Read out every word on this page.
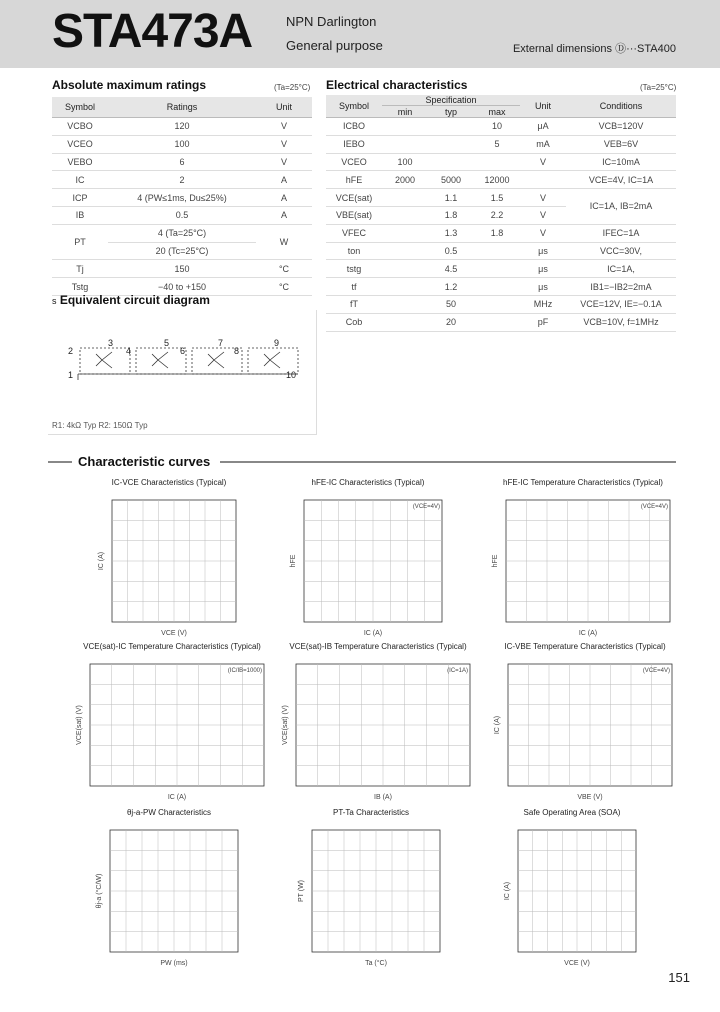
STA473A	NPN Darlington
General purpose	External dimensions Ⓓ···STA400
Absolute maximum ratings	(Ta=25°C)
Symbol	Ratings	Unit
VCBO	120	V
VCEO	100	V
VEBO	6	V
IC	2	A
ICP	4 (PW≤1ms, Du≤25%)	A
IB	0.5	A
PT	4 (Ta=25°C)	W
	20 (Tc=25°C)	
Tj	150	°C
Tstg	−40 to +150	°C
Electrical characteristics	(Ta=25°C)
Symbol	Specification			Unit	Conditions
	min	typ	max		
ICBO			10	μA	VCB=120V
IEBO			5	mA	VEB=6V
VCEO	100			V	IC=10mA
hFE	2000	5000	12000		VCE=4V, IC=1A
VCE(sat)		1.1	1.5	V	IC=1A, IB=2mA
VBE(sat)		1.8	2.2	V	
VFEC		1.3	1.8	V	IFEC=1A
ton		0.5		μs	VCC=30V,
tstg		4.5		μs	IC=1A,
tf		1.2		μs	IB1=−IB2=2mA
fT		50		MHz	VCE=12V, IE=−0.1A
Cob		20		pF	VCB=10V, f=1MHz
s Equivalent circuit diagram
2
3
4
5
6
7
8
9
1	10
R1: 4kΩ Typ R2: 150Ω Typ
Characteristic curves
IC-VCE Characteristics (Typical)
VCE (V)
IC (A)
hFE-IC Characteristics (Typical)
IC (A)
hFE
(VCE=4V)
hFE-IC Temperature Characteristics (Typical)
IC (A)
hFE
(VCE=4V)
VCE(sat)-IC Temperature Characteristics (Typical)
IC (A)
VCE(sat) (V)
(IC/IB=1000)
VCE(sat)-IB Temperature Characteristics (Typical)
IB (A)
VCE(sat) (V)
(IC=1A)
IC-VBE Temperature Characteristics (Typical)
VBE (V)
IC (A)
(VCE=4V)
θj-a-PW Characteristics
PW (ms)
θj-a (°C/W)
PT-Ta Characteristics
Ta (°C)
PT (W)
Safe Operating Area (SOA)
VCE (V)
IC (A)
151
